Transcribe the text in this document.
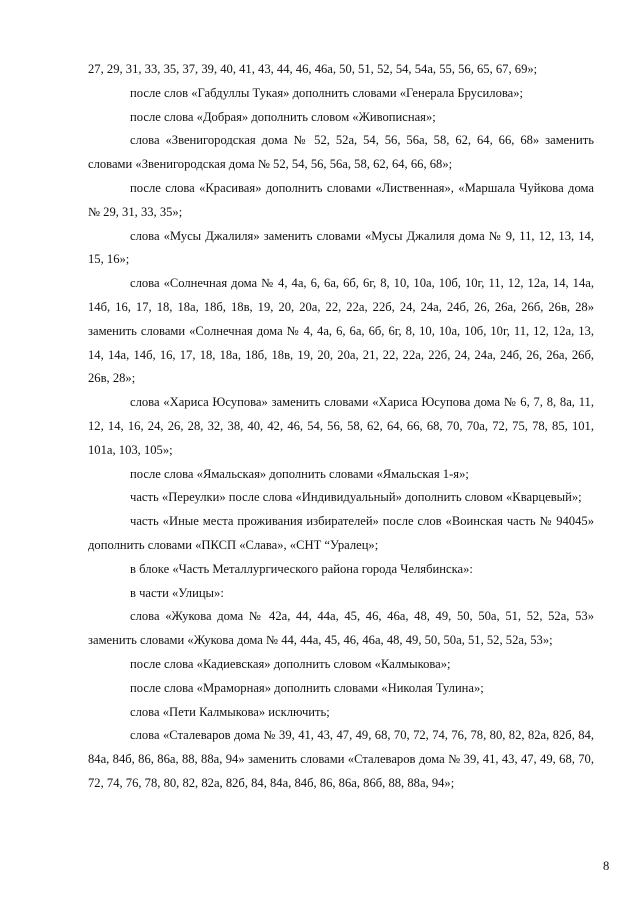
27, 29, 31, 33, 35, 37, 39, 40, 41, 43, 44, 46, 46а, 50, 51, 52, 54, 54а, 55, 56, 65, 67, 69»;

после слов «Габдуллы Тукая» дополнить словами «Генерала Брусилова»;

после слова «Добрая» дополнить словом «Живописная»;

слова «Звенигородская дома № 52, 52а, 54, 56, 56а, 58, 62, 64, 66, 68» заменить словами «Звенигородская дома № 52, 54, 56, 56а, 58, 62, 64, 66, 68»;

после слова «Красивая» дополнить словами «Лиственная», «Маршала Чуйкова дома № 29, 31, 33, 35»;

слова «Мусы Джалиля» заменить словами «Мусы Джалиля дома № 9, 11, 12, 13, 14, 15, 16»;

слова «Солнечная дома № 4, 4а, 6, 6а, 6б, 6г, 8, 10, 10а, 10б, 10г, 11, 12, 12а, 14, 14а, 14б, 16, 17, 18, 18а, 18б, 18в, 19, 20, 20а, 22, 22а, 22б, 24, 24а, 24б, 26, 26а, 26б, 26в, 28» заменить словами «Солнечная дома № 4, 4а, 6, 6а, 6б, 6г, 8, 10, 10а, 10б, 10г, 11, 12, 12а, 13, 14, 14а, 14б, 16, 17, 18, 18а, 18б, 18в, 19, 20, 20а, 21, 22, 22а, 22б, 24, 24а, 24б, 26, 26а, 26б, 26в, 28»;

слова «Хариса Юсупова» заменить словами «Хариса Юсупова дома № 6, 7, 8, 8а, 11, 12, 14, 16, 24, 26, 28, 32, 38, 40, 42, 46, 54, 56, 58, 62, 64, 66, 68, 70, 70а, 72, 75, 78, 85, 101, 101а, 103, 105»;

после слова «Ямальская» дополнить словами «Ямальская 1-я»;

часть «Переулки» после слова «Индивидуальный» дополнить словом «Кварцевый»;

часть «Иные места проживания избирателей» после слов «Воинская часть № 94045» дополнить словами «ПКСП «Слава», «СНТ “Уралец»;

в блоке «Часть Металлургического района города Челябинска»:

в части «Улицы»:

слова «Жукова дома № 42а, 44, 44а, 45, 46, 46а, 48, 49, 50, 50а, 51, 52, 52а, 53» заменить словами «Жукова дома № 44, 44а, 45, 46, 46а, 48, 49, 50, 50а, 51, 52, 52а, 53»;

после слова «Кадиевская» дополнить словом «Калмыкова»;

после слова «Мраморная» дополнить словами «Николая Тулина»;

слова «Пети Калмыкова» исключить;

слова «Сталеваров дома № 39, 41, 43, 47, 49, 68, 70, 72, 74, 76, 78, 80, 82, 82а, 82б, 84, 84а, 84б, 86, 86а, 88, 88а, 94» заменить словами «Сталеваров дома № 39, 41, 43, 47, 49, 68, 70, 72, 74, 76, 78, 80, 82, 82а, 82б, 84, 84а, 84б, 86, 86а, 86б, 88, 88а, 94»;

8
